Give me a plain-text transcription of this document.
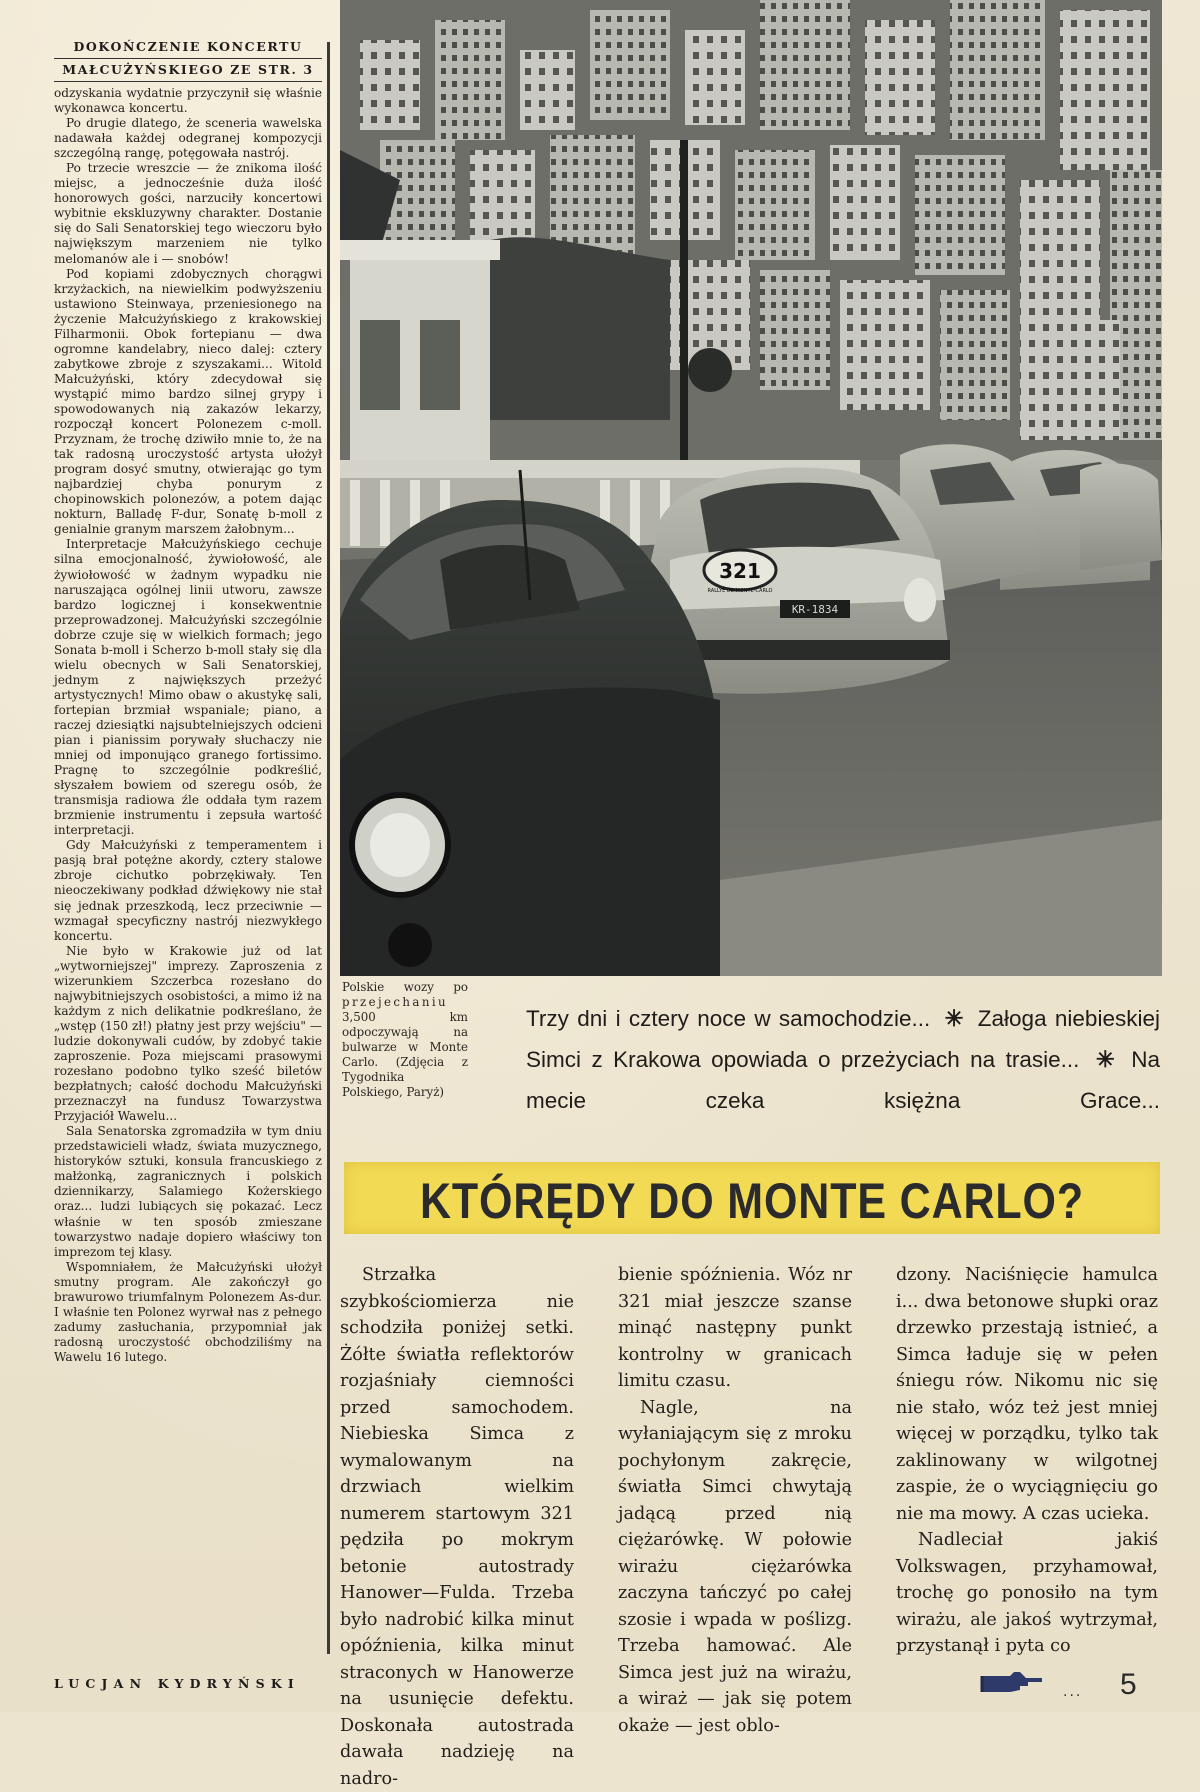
DOKOŃCZENIE KONCERTU
MAŁCUŻYŃSKIEGO ZE STR. 3

odzyskania wydatnie przyczynił się właśnie wykonawca koncertu.

Po drugie dlatego, że sceneria wawelska nadawała każdej odegranej kompozycji szczególną rangę, potęgowała nastrój.

Po trzecie wreszcie — że znikoma ilość miejsc, a jednocześnie duża ilość honorowych gości, narzuciły koncertowi wybitnie ekskluzywny charakter. Dostanie się do Sali Senatorskiej tego wieczoru było największym marzeniem nie tylko melomanów ale i — snobów!

Pod kopiami zdobycznych chorągwi krzyżackich, na niewielkim podwyższeniu ustawiono Steinwaya, przeniesionego na życzenie Małcużyńskiego z krakowskiej Filharmonii. Obok fortepianu — dwa ogromne kandelabry, nieco dalej: cztery zabytkowe zbroje z szyszakami... Witold Małcużyński, który zdecydował się wystąpić mimo bardzo silnej grypy i spowodowanych nią zakazów lekarzy, rozpoczął koncert Polonezem c-moll. Przyznam, że trochę dziwiło mnie to, że na tak radosną uroczystość artysta ułożył program dosyć smutny, otwierając go tym najbardziej chyba ponurym z chopinowskich polonezów, a potem dając nokturn, Balladę F-dur, Sonatę b-moll z genialnie granym marszem żałobnym...

Interpretacje Małcużyńskiego cechuje silna emocjonalność, żywiołowość, ale żywiołowość w żadnym wypadku nie naruszająca ogólnej linii utworu, zawsze bardzo logicznej i konsekwentnie przeprowadzonej. Małcużyński szczególnie dobrze czuje się w wielkich formach; jego Sonata b-moll i Scherzo b-moll stały się dla wielu obecnych w Sali Senatorskiej, jednym z największych przeżyć artystycznych! Mimo obaw o akustykę sali, fortepian brzmiał wspaniale; piano, a raczej dziesiątki najsubtelniejszych odcieni pian i pianissim porywały słuchaczy nie mniej od imponująco granego fortissimo. Pragnę to szczególnie podkreślić, słyszałem bowiem od szeregu osób, że transmisja radiowa źle oddała tym razem brzmienie instrumentu i zepsuła wartość interpretacji.

Gdy Małcużyński z temperamentem i pasją brał potężne akordy, cztery stalowe zbroje cichutko pobrzękiwały. Ten nieoczekiwany podkład dźwiękowy nie stał się jednak przeszkodą, lecz przeciwnie — wzmagał specyficzny nastrój niezwykłego koncertu.

Nie było w Krakowie już od lat „wytworniejszej" imprezy. Zaproszenia z wizerunkiem Szczerbca rozesłano do najwybitniejszych osobistości, a mimo iż na każdym z nich delikatnie podkreślano, że „wstęp (150 zł!) płatny jest przy wejściu" — ludzie dokonywali cudów, by zdobyć takie zaproszenie. Poza miejscami prasowymi rozesłano podobno tylko sześć biletów bezpłatnych; całość dochodu Małcużyński przeznaczył na fundusz Towarzystwa Przyjaciół Wawelu...

Sala Senatorska zgromadziła w tym dniu przedstawicieli władz, świata muzycznego, historyków sztuki, konsula francuskiego z małżonką, zagranicznych i polskich dziennikarzy, Salamiego Kożerskiego oraz... ludzi lubiących się pokazać. Lecz właśnie w ten sposób zmieszane towarzystwo nadaje dopiero właściwy ton imprezom tej klasy.

Wspomniałem, że Małcużyński ułożył smutny program. Ale zakończył go brawurowo triumfalnym Polonezem As-dur. I właśnie ten Polonez wyrwał nas z pełnego zadumy zasłuchania, przypomniał jak radosną uroczystość obchodziliśmy na Wawelu 16 lutego.

LUCJAN KYDRYŃSKI
321
RALLYE DE MONTE-CARLO
KR-1834
Polskie wozy po przejechaniu 3,500 km odpoczywają na bulwarze w Monte Carlo. (Zdjęcia z Tygodnika Polskiego, Paryż)
Trzy dni i cztery noce w samochodzie... ✳ Załoga niebieskiej Simci z Krakowa opowiada o przeżyciach na trasie... ✳ Na mecie czeka księżna Grace...
KTÓRĘDY DO MONTE CARLO?

Strzałka szybkościomierza nie schodziła poniżej setki. Żółte światła reflektorów rozjaśniały ciemności przed samochodem. Niebieska Simca z wymalowanym na drzwiach wielkim numerem startowym 321 pędziła po mokrym betonie autostrady Hanower—Fulda. Trzeba było nadrobić kilka minut opóźnienia, kilka minut straconych w Hanowerze na usunięcie defektu. Doskonała autostrada dawała nadzieję na nadro-

bienie spóźnienia. Wóz nr 321 miał jeszcze szanse minąć następny punkt kontrolny w granicach limitu czasu.

Nagle, na wyłaniającym się z mroku pochyłonym zakręcie, światła Simci chwytają jadącą przed nią ciężarówkę. W połowie wirażu ciężarówka zaczyna tańczyć po całej szosie i wpada w poślizg. Trzeba hamować. Ale Simca jest już na wirażu, a wiraż — jak się potem okaże — jest oblo-

dzony. Naciśnięcie hamulca i... dwa betonowe słupki oraz drzewko przestają istnieć, a Simca ładuje się w pełen śniegu rów. Nikomu nic się nie stało, wóz też jest mniej więcej w porządku, tylko tak zaklinowany w wilgotnej zaspie, że o wyciągnięciu go nie ma mowy. A czas ucieka.

Nadleciał jakiś Volkswagen, przyhamował, trochę go ponosiło na tym wirażu, ale jakoś wytrzymał, przystanął i pyta co

... 5
